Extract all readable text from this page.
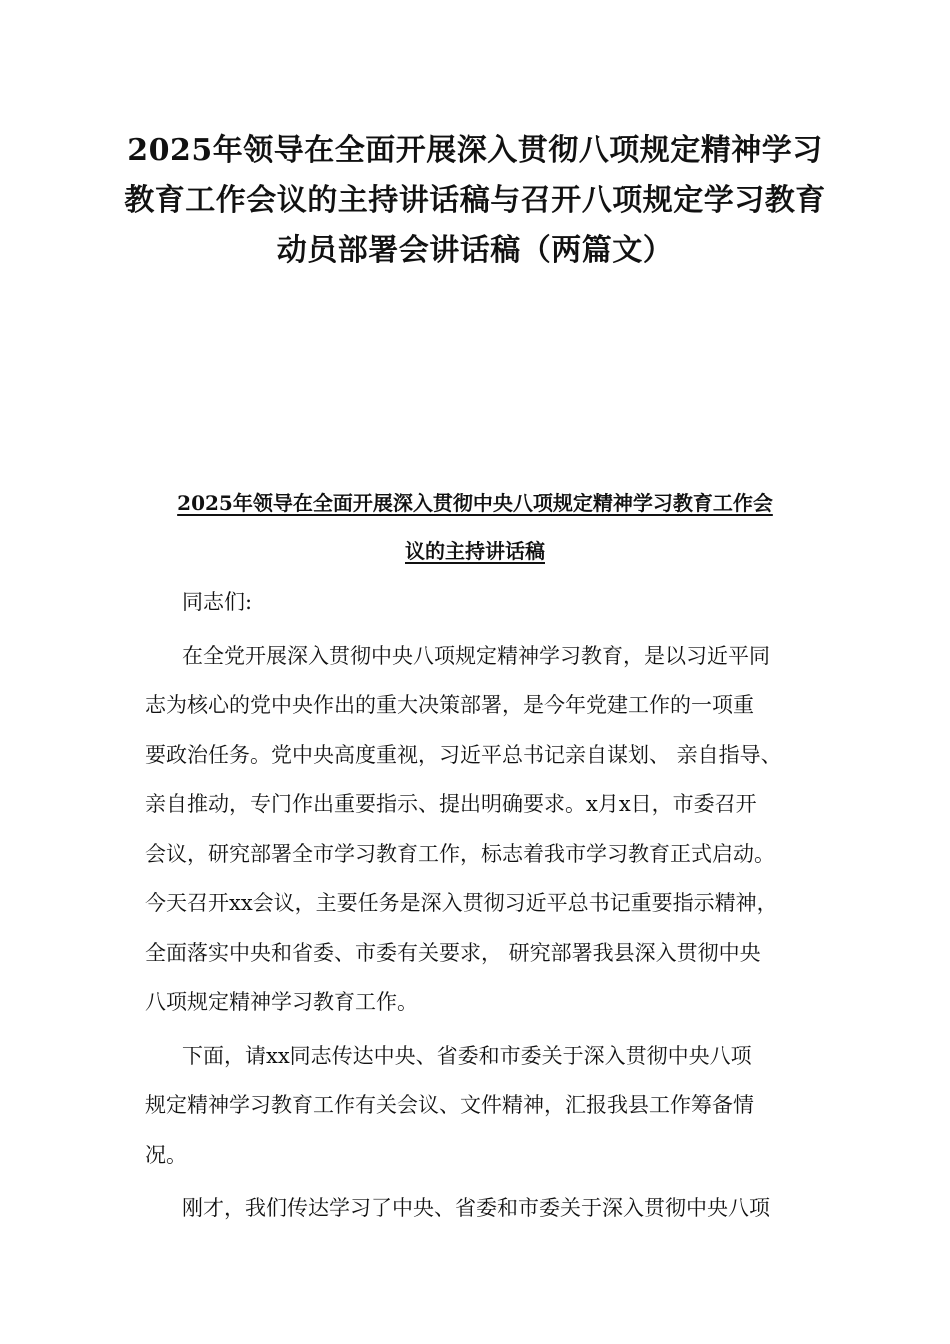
2025年领导在全面开展深入贯彻八项规定精神学习
教育工作会议的主持讲话稿与召开八项规定学习教育
动员部署会讲话稿（两篇文）
2025年领导在全面开展深入贯彻中央八项规定精神学习教育工作会
议的主持讲话稿

同志们:

在全党开展深入贯彻中央八项规定精神学习教育，是以习近平同
志为核心的党中央作出的重大决策部署，是今年党建工作的一项重
要政治任务。党中央高度重视，习近平总书记亲自谋划、 亲自指导、
亲自推动，专门作出重要指示、提出明确要求。x月x日，市委召开
会议，研究部署全市学习教育工作，标志着我市学习教育正式启动。
今天召开xx会议，主要任务是深入贯彻习近平总书记重要指示精神，
全面落实中央和省委、市委有关要求， 研究部署我县深入贯彻中央
八项规定精神学习教育工作。

下面，请xx同志传达中央、省委和市委关于深入贯彻中央八项
规定精神学习教育工作有关会议、文件精神，汇报我县工作筹备情
况。

刚才，我们传达学习了中央、省委和市委关于深入贯彻中央八项
